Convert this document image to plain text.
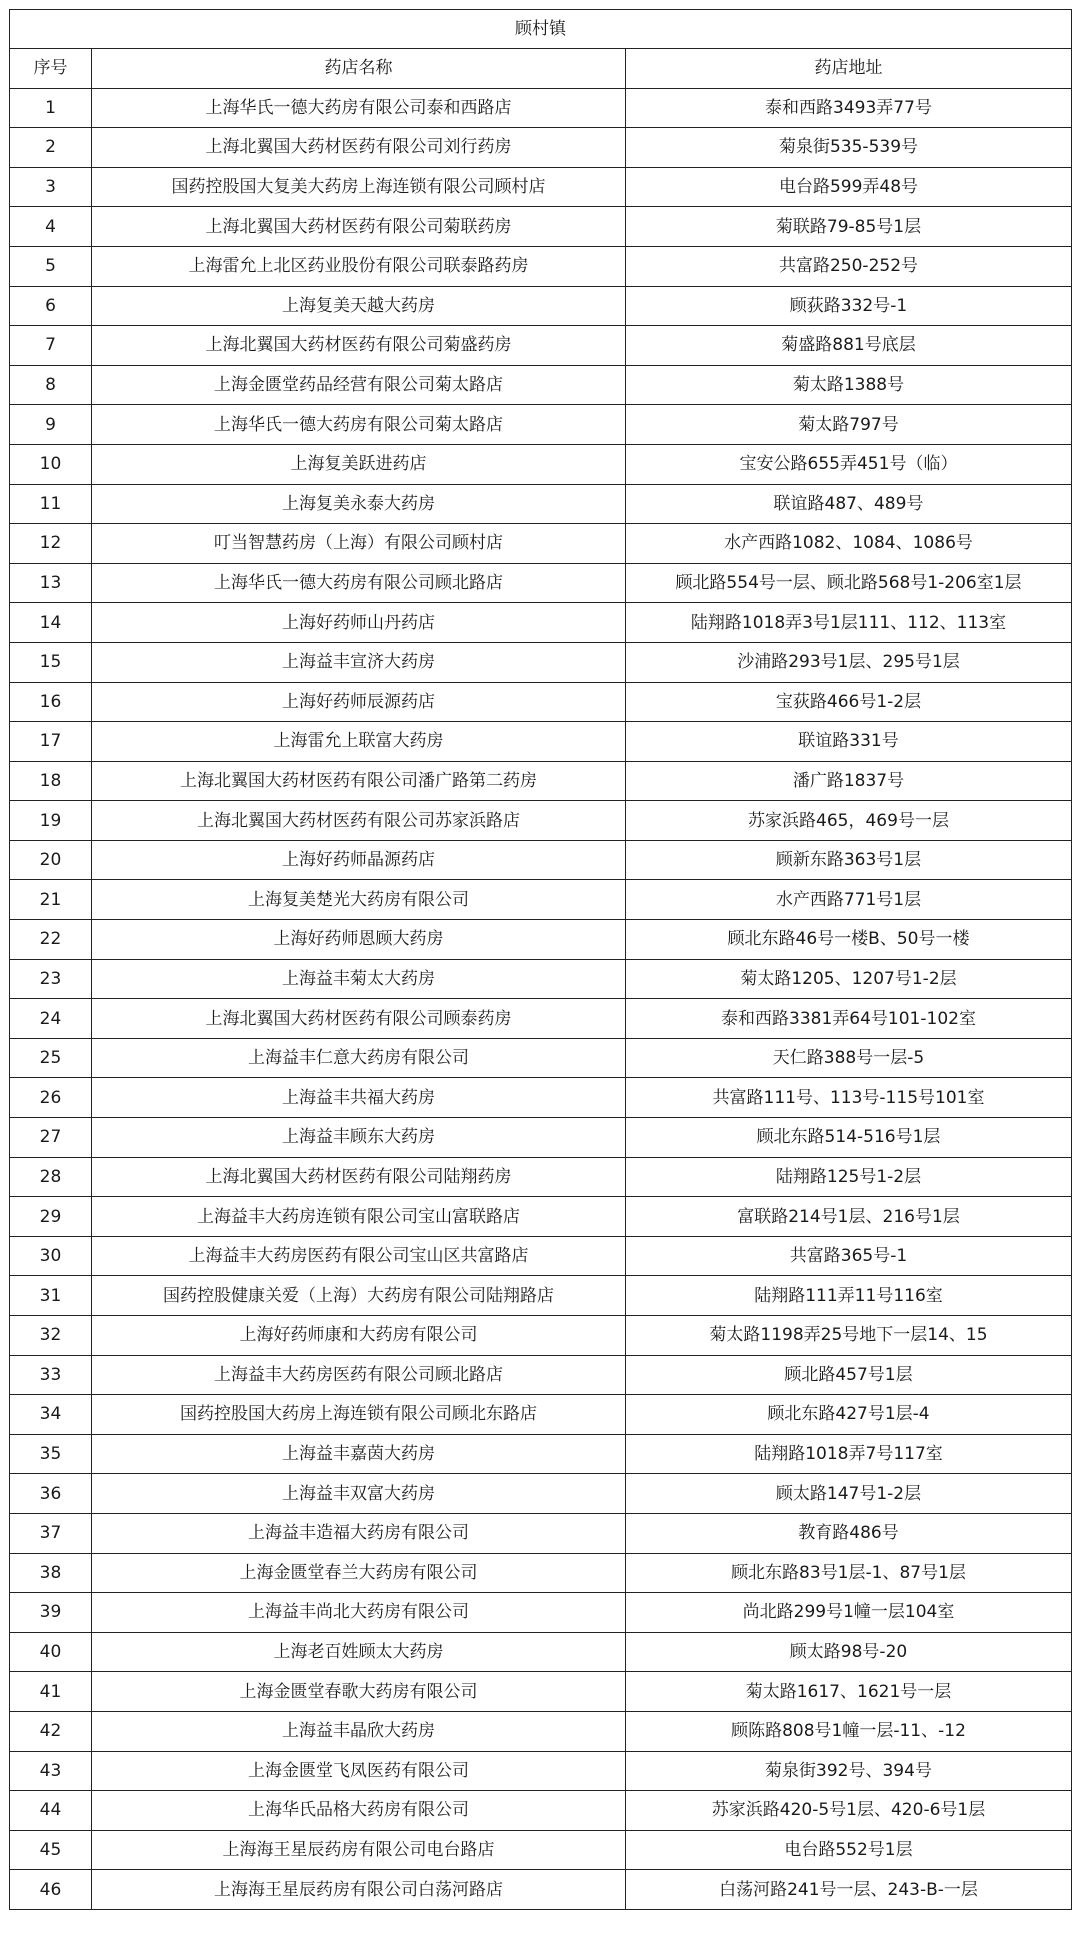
顾村镇		
序号	药店名称	药店地址
1	上海华氏一德大药房有限公司泰和西路店	泰和西路3493弄77号
2	上海北翼国大药材医药有限公司刘行药房	菊泉街535-539号
3	国药控股国大复美大药房上海连锁有限公司顾村店	电台路599弄48号
4	上海北翼国大药材医药有限公司菊联药房	菊联路79-85号1层
5	上海雷允上北区药业股份有限公司联泰路药房	共富路250-252号
6	上海复美天越大药房	顾荻路332号-1
7	上海北翼国大药材医药有限公司菊盛药房	菊盛路881号底层
8	上海金匮堂药品经营有限公司菊太路店	菊太路1388号
9	上海华氏一德大药房有限公司菊太路店	菊太路797号
10	上海复美跃进药店	宝安公路655弄451号（临）
11	上海复美永泰大药房	联谊路487、489号
12	叮当智慧药房（上海）有限公司顾村店	水产西路1082、1084、1086号
13	上海华氏一德大药房有限公司顾北路店	顾北路554号一层、顾北路568号1-206室1层
14	上海好药师山丹药店	陆翔路1018弄3号1层111、112、113室
15	上海益丰宣济大药房	沙浦路293号1层、295号1层
16	上海好药师辰源药店	宝荻路466号1-2层
17	上海雷允上联富大药房	联谊路331号
18	上海北翼国大药材医药有限公司潘广路第二药房	潘广路1837号
19	上海北翼国大药材医药有限公司苏家浜路店	苏家浜路465，469号一层
20	上海好药师晶源药店	顾新东路363号1层
21	上海复美楚光大药房有限公司	水产西路771号1层
22	上海好药师恩顾大药房	顾北东路46号一楼B、50号一楼
23	上海益丰菊太大药房	菊太路1205、1207号1-2层
24	上海北翼国大药材医药有限公司顾泰药房	泰和西路3381弄64号101-102室
25	上海益丰仁意大药房有限公司	天仁路388号一层-5
26	上海益丰共福大药房	共富路111号、113号-115号101室
27	上海益丰顾东大药房	顾北东路514-516号1层
28	上海北翼国大药材医药有限公司陆翔药房	陆翔路125号1-2层
29	上海益丰大药房连锁有限公司宝山富联路店	富联路214号1层、216号1层
30	上海益丰大药房医药有限公司宝山区共富路店	共富路365号-1
31	国药控股健康关爱（上海）大药房有限公司陆翔路店	陆翔路111弄11号116室
32	上海好药师康和大药房有限公司	菊太路1198弄25号地下一层14、15
33	上海益丰大药房医药有限公司顾北路店	顾北路457号1层
34	国药控股国大药房上海连锁有限公司顾北东路店	顾北东路427号1层-4
35	上海益丰嘉茵大药房	陆翔路1018弄7号117室
36	上海益丰双富大药房	顾太路147号1-2层
37	上海益丰造福大药房有限公司	教育路486号
38	上海金匮堂春兰大药房有限公司	顾北东路83号1层-1、87号1层
39	上海益丰尚北大药房有限公司	尚北路299号1幢一层104室
40	上海老百姓顾太大药房	顾太路98号-20
41	上海金匮堂春歌大药房有限公司	菊太路1617、1621号一层
42	上海益丰晶欣大药房	顾陈路808号1幢一层-11、-12
43	上海金匮堂飞凤医药有限公司	菊泉街392号、394号
44	上海华氏品格大药房有限公司	苏家浜路420-5号1层、420-6号1层
45	上海海王星辰药房有限公司电台路店	电台路552号1层
46	上海海王星辰药房有限公司白荡河路店	白荡河路241号一层、243-B-一层
